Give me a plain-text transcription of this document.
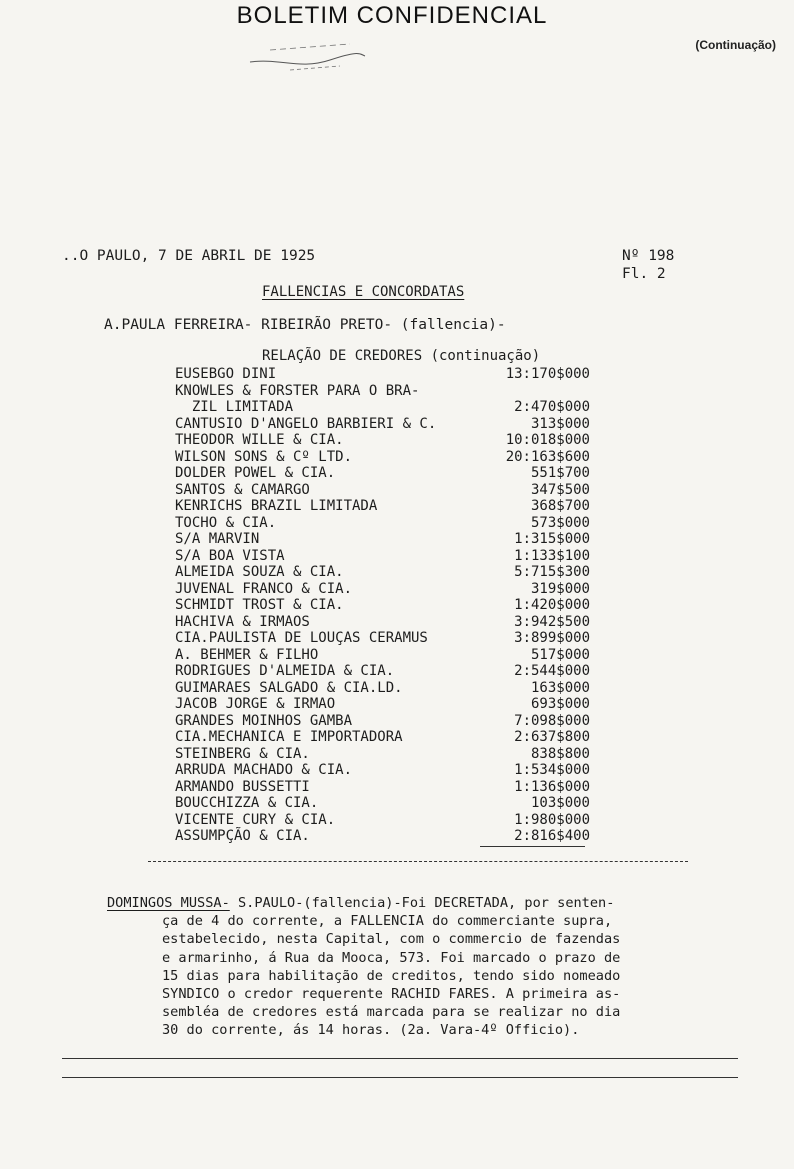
BOLETIM CONFIDENCIAL
(Continuação)
..O PAULO, 7 DE ABRIL DE 1925	Nº 198
Fl. 2
FALLENCIAS E CONCORDATAS
A.PAULA FERREIRA- RIBEIRÃO PRETO- (fallencia)-
RELAÇÃO DE CREDORES (continuação)
EUSEBGO DINI	13:170$000
KNOWLES & FORSTER PARA O BRA-
ZIL LIMITADA	2:470$000
CANTUSIO D'ANGELO BARBIERI & C.	313$000
THEODOR WILLE & CIA.	10:018$000
WILSON SONS & Cº LTD.	20:163$600
DOLDER POWEL & CIA.	551$700
SANTOS & CAMARGO	347$500
KENRICHS BRAZIL LIMITADA	368$700
TOCHO & CIA.	573$000
S/A MARVIN	1:315$000
S/A BOA VISTA	1:133$100
ALMEIDA SOUZA & CIA.	5:715$300
JUVENAL FRANCO & CIA.	319$000
SCHMIDT TROST & CIA.	1:420$000
HACHIVA & IRMAOS	3:942$500
CIA.PAULISTA DE LOUÇAS CERAMUS	3:899$000
A. BEHMER & FILHO	517$000
RODRIGUES D'ALMEIDA & CIA.	2:544$000
GUIMARAES SALGADO & CIA.LD.	163$000
JACOB JORGE & IRMAO	693$000
GRANDES MOINHOS GAMBA	7:098$000
CIA.MECHANICA E IMPORTADORA	2:637$800
STEINBERG & CIA.	838$800
ARRUDA MACHADO & CIA.	1:534$000
ARMANDO BUSSETTI	1:136$000
BOUCCHIZZA & CIA.	103$000
VICENTE CURY & CIA.	1:980$000
ASSUMPÇÃO & CIA.	2:816$400
DOMINGOS MUSSA- S.PAULO-(fallencia)-Foi DECRETADA, por senten-
ça de 4 do corrente, a FALLENCIA do commerciante supra,
estabelecido, nesta Capital, com o commercio de fazendas
e armarinho, á Rua da Mooca, 573. Foi marcado o prazo de
15 dias para habilitação de creditos, tendo sido nomeado
SYNDICO o credor requerente RACHID FARES. A primeira as-
sembléa de credores está marcada para se realizar no dia
30 do corrente, ás 14 horas. (2a. Vara-4º Officio).
